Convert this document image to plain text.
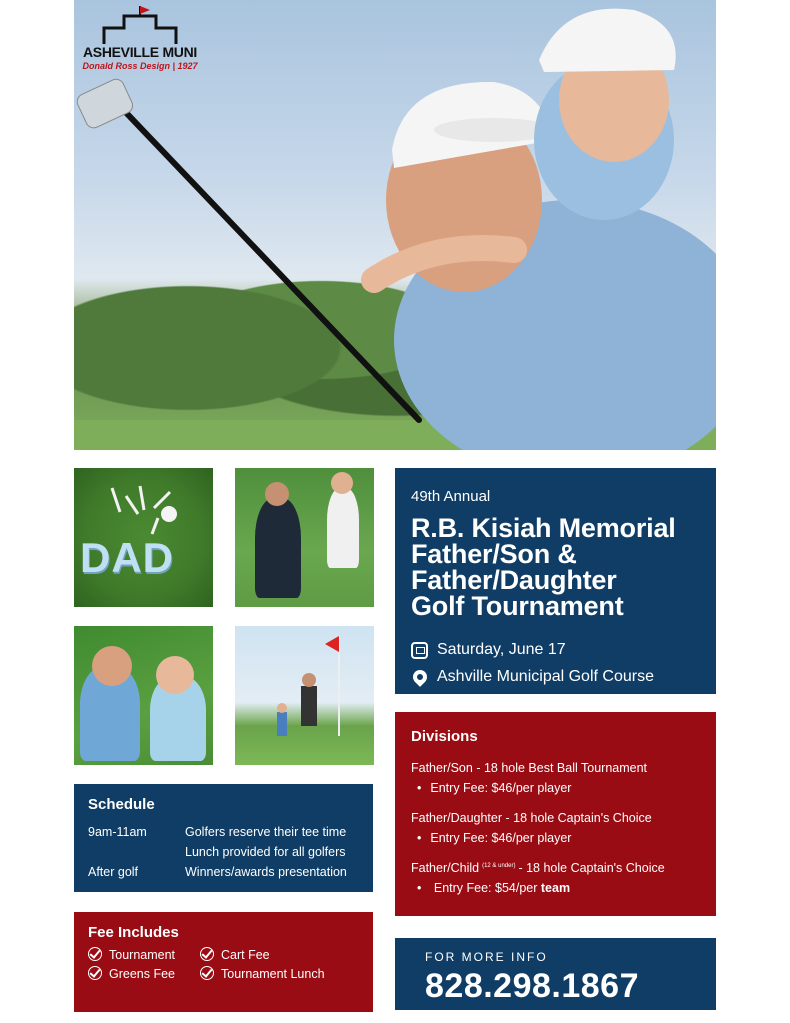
ASHEVILLE MUNI
Donald Ross Design | 1927
DAD
49th Annual
R.B. Kisiah Memorial
Father/Son &
Father/Daughter
Golf Tournament
Saturday, June 17
Ashville Municipal Golf Course
Divisions
Father/Son - 18 hole Best Ball Tournament
• Entry Fee: $46/per player
Father/Daughter - 18 hole Captain's Choice
• Entry Fee: $46/per player
Father/Child $^{(12 \& under)}$ - 18 hole Captain's Choice
• Entry Fee: $54/per team
Schedule
9am-11am	Golfers reserve their tee time
Lunch provided for all golfers
After golf	Winners/awards presentation
Fee Includes
Tournament	Cart Fee
Greens Fee	Tournament Lunch
FOR MORE INFO
828.298.1867
